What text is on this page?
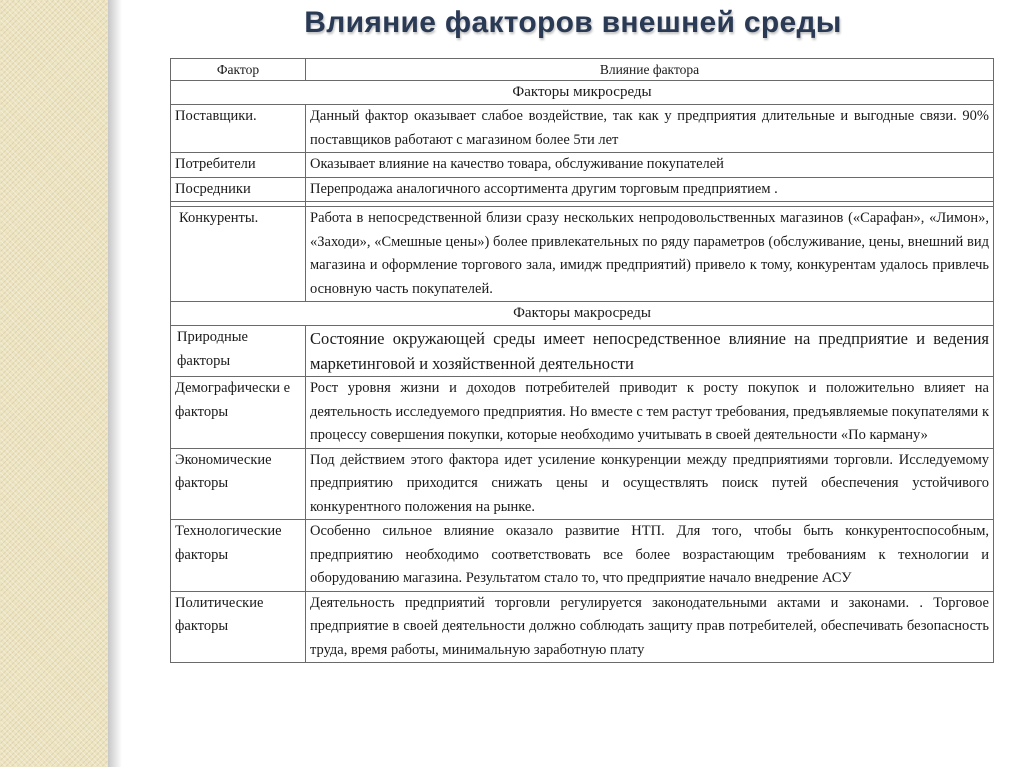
Влияние факторов внешней среды
Фактор	Влияние фактора
Факторы микросреды	
Поставщики.	Данный фактор оказывает слабое воздействие, так как у предприятия длительные и выгодные связи. 90% поставщиков работают с магазином более 5ти лет
Потребители	Оказывает влияние на качество товара, обслуживание покупателей
Посредники	Перепродажа аналогичного ассортимента другим торговым предприятием .

Конкуренты.	Работа в непосредственной близи сразу нескольких непродовольственных магазинов («Сарафан», «Лимон», «Заходи», «Смешные цены») более привлекательных по ряду параметров (обслуживание, цены, внешний вид магазина и оформление торгового зала, имидж предприятий) привело к тому, конкурентам удалось привлечь основную часть покупателей.
Факторы макросреды	
Природные факторы	Состояние окружающей среды имеет непосредственное влияние на предприятие и ведения маркетинговой и хозяйственной деятельности
Демографически е факторы	Рост уровня жизни и доходов потребителей приводит к росту покупок и положительно влияет на деятельность исследуемого предприятия. Но вместе с тем растут требования, предъявляемые покупателями к процессу совершения покупки, которые необходимо учитывать в своей деятельности «По карману»
Экономические факторы	Под действием этого фактора идет усиление конкуренции между предприятиями торговли. Исследуемому предприятию приходится снижать цены и осуществлять поиск путей обеспечения устойчивого конкурентного положения на рынке.
Технологические факторы	Особенно сильное влияние оказало развитие НТП. Для того, чтобы быть конкурентоспособным, предприятию необходимо соответствовать все более возрастающим требованиям к технологии и оборудованию магазина. Результатом стало то, что предприятие начало внедрение АСУ
Политические факторы	Деятельность предприятий торговли регулируется законодательными актами и законами. . Торговое предприятие в своей деятельности должно соблюдать защиту прав потребителей, обеспечивать безопасность труда, время работы, минимальную заработную плату
